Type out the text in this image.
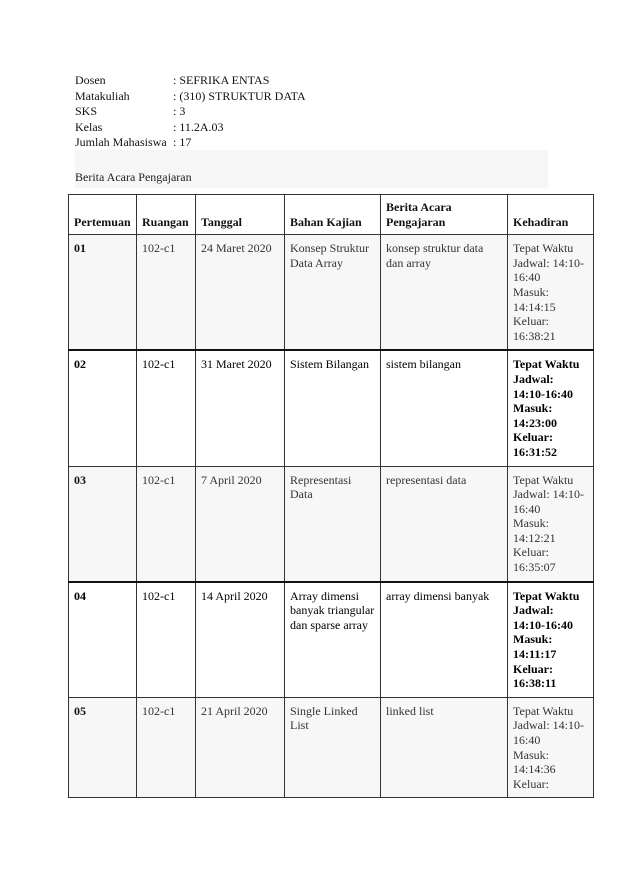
Dosen	: SEFRIKA ENTAS
Matakuliah	: (310) STRUKTUR DATA
SKS	: 3
Kelas	: 11.2A.03
Jumlah Mahasiswa : 17
Berita Acara Pengajaran
Pertemuan	Ruangan	Tanggal	Bahan Kajian	Berita Acara Pengajaran	Kehadiran
01	102-c1	24 Maret 2020	Konsep Struktur Data Array	konsep struktur data dan array	Tepat Waktu
Jadwal: 14:10-16:40
Masuk: 14:14:15
Keluar: 16:38:21

02	102-c1	31 Maret 2020	Sistem Bilangan	sistem bilangan	Tepat Waktu
Jadwal: 14:10-16:40
Masuk: 14:23:00
Keluar: 16:31:52

03	102-c1	7 April 2020	Representasi Data	representasi data	Tepat Waktu
Jadwal: 14:10-16:40
Masuk: 14:12:21
Keluar: 16:35:07

04	102-c1	14 April 2020	Array dimensi banyak triangular dan sparse array	array dimensi banyak	Tepat Waktu
Jadwal: 14:10-16:40
Masuk: 14:11:17
Keluar: 16:38:11

05	102-c1	21 April 2020	Single Linked List	linked list	Tepat Waktu
Jadwal: 14:10-16:40
Masuk: 14:14:36
Keluar:
